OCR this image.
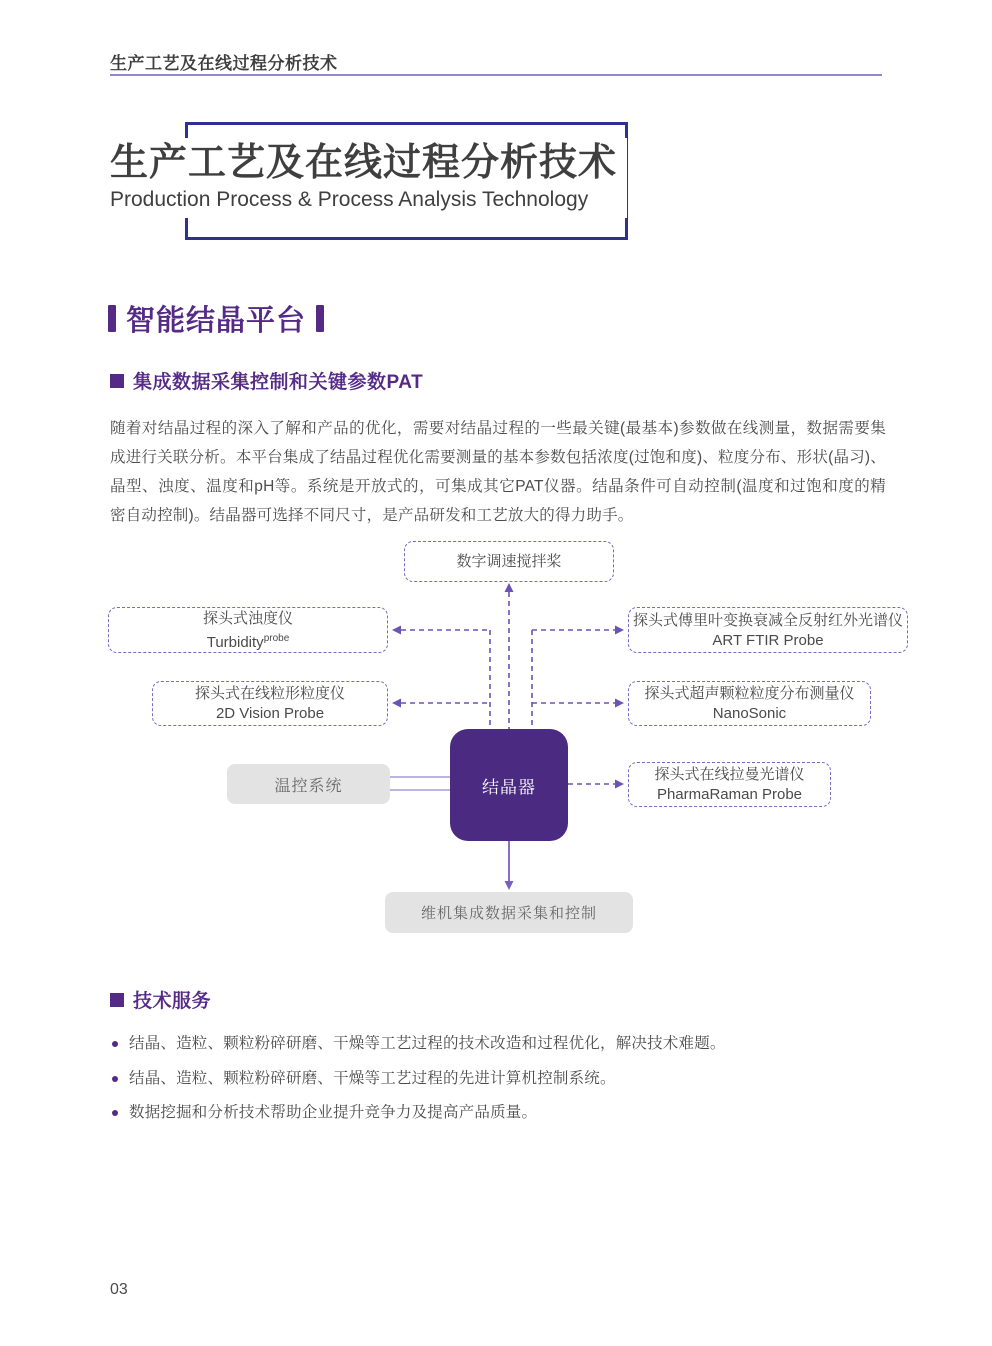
生产工艺及在线过程分析技术
生产工艺及在线过程分析技术
Production Process & Process Analysis Technology
智能结晶平台
集成数据采集控制和关键参数PAT
随着对结晶过程的深入了解和产品的优化，需要对结晶过程的一些最关键(最基本)参数做在线测量，数据需要集成进行关联分析。本平台集成了结晶过程优化需要测量的基本参数包括浓度(过饱和度)、粒度分布、形状(晶习)、晶型、浊度、温度和pH等。系统是开放式的，可集成其它PAT仪器。结晶条件可自动控制(温度和过饱和度的精密自动控制)。结晶器可选择不同尺寸，是产品研发和工艺放大的得力助手。
数字调速搅拌桨
探头式浊度仪
Turbidity$^{probe}$
探头式在线粒形粒度仪
2D Vision Probe
探头式傅里叶变换衰减全反射红外光谱仪
ART FTIR Probe
探头式超声颗粒粒度分布测量仪
NanoSonic
探头式在线拉曼光谱仪
PharmaRaman Probe
温控系统	结晶器
维机集成数据采集和控制
技术服务
结晶、造粒、颗粒粉碎研磨、干燥等工艺过程的技术改造和过程优化，解决技术难题。
结晶、造粒、颗粒粉碎研磨、干燥等工艺过程的先进计算机控制系统。
数据挖掘和分析技术帮助企业提升竞争力及提高产品质量。
03
